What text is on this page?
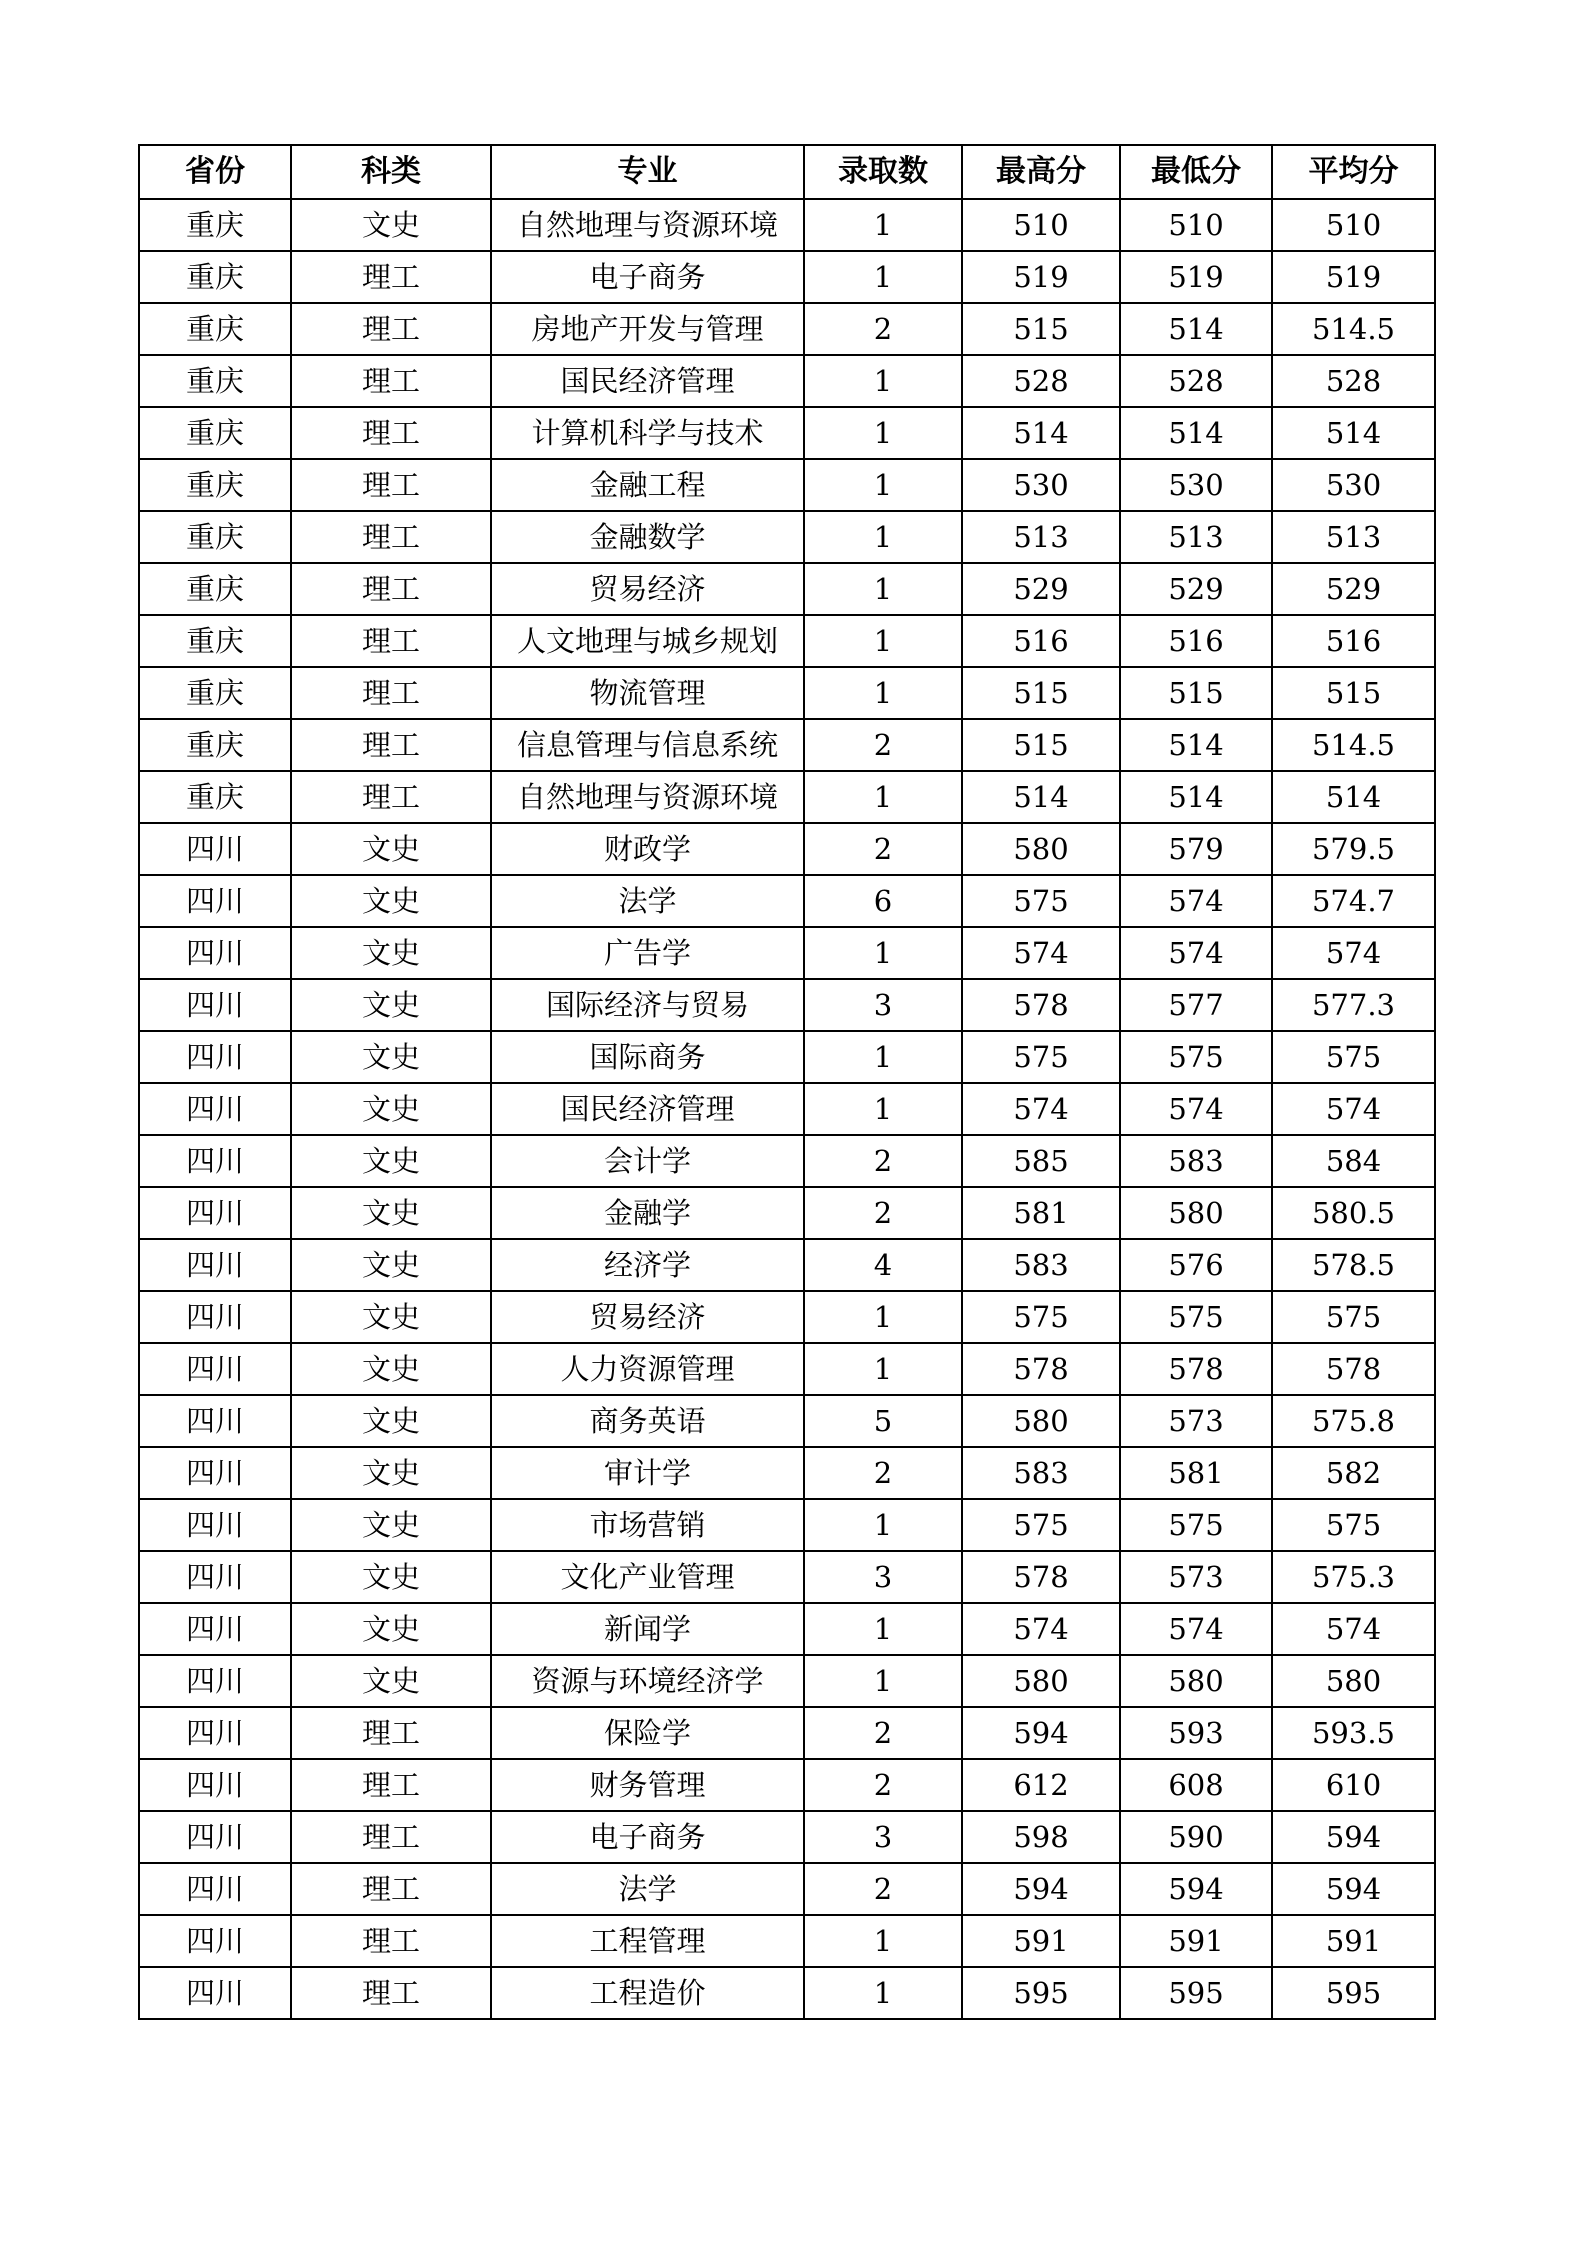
省份	科类	专业	录取数	最高分	最低分	平均分
重庆	文史	自然地理与资源环境	1	510	510	510
重庆	理工	电子商务	1	519	519	519
重庆	理工	房地产开发与管理	2	515	514	514.5
重庆	理工	国民经济管理	1	528	528	528
重庆	理工	计算机科学与技术	1	514	514	514
重庆	理工	金融工程	1	530	530	530
重庆	理工	金融数学	1	513	513	513
重庆	理工	贸易经济	1	529	529	529
重庆	理工	人文地理与城乡规划	1	516	516	516
重庆	理工	物流管理	1	515	515	515
重庆	理工	信息管理与信息系统	2	515	514	514.5
重庆	理工	自然地理与资源环境	1	514	514	514
四川	文史	财政学	2	580	579	579.5
四川	文史	法学	6	575	574	574.7
四川	文史	广告学	1	574	574	574
四川	文史	国际经济与贸易	3	578	577	577.3
四川	文史	国际商务	1	575	575	575
四川	文史	国民经济管理	1	574	574	574
四川	文史	会计学	2	585	583	584
四川	文史	金融学	2	581	580	580.5
四川	文史	经济学	4	583	576	578.5
四川	文史	贸易经济	1	575	575	575
四川	文史	人力资源管理	1	578	578	578
四川	文史	商务英语	5	580	573	575.8
四川	文史	审计学	2	583	581	582
四川	文史	市场营销	1	575	575	575
四川	文史	文化产业管理	3	578	573	575.3
四川	文史	新闻学	1	574	574	574
四川	文史	资源与环境经济学	1	580	580	580
四川	理工	保险学	2	594	593	593.5
四川	理工	财务管理	2	612	608	610
四川	理工	电子商务	3	598	590	594
四川	理工	法学	2	594	594	594
四川	理工	工程管理	1	591	591	591
四川	理工	工程造价	1	595	595	595
